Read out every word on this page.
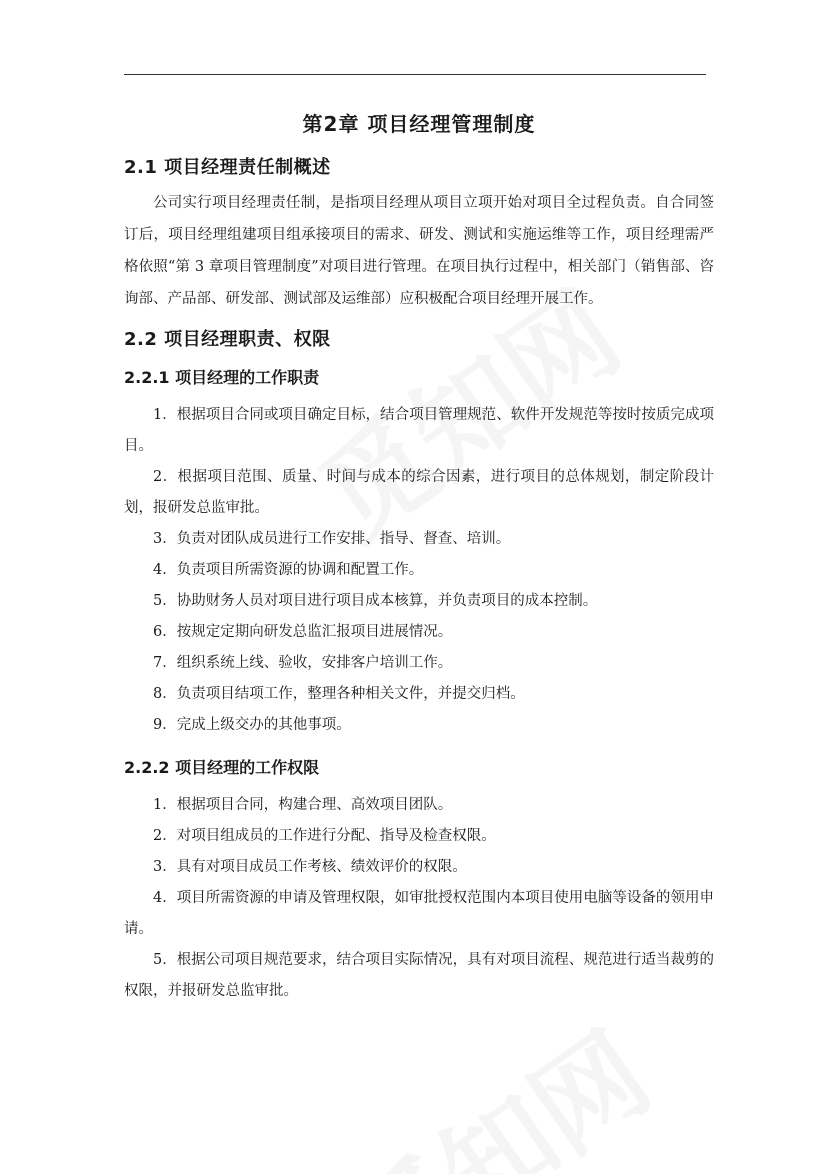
第2章 项目经理管理制度
2.1 项目经理责任制概述

公司实行项目经理责任制，是指项目经理从项目立项开始对项目全过程负责。自合同签订后，项目经理组建项目组承接项目的需求、研发、测试和实施运维等工作，项目经理需严格依照“第 3 章项目管理制度”对项目进行管理。在项目执行过程中，相关部门（销售部、咨询部、产品部、研发部、测试部及运维部）应积极配合项目经理开展工作。

2.2 项目经理职责、权限
2.2.1 项目经理的工作职责

1．根据项目合同或项目确定目标，结合项目管理规范、软件开发规范等按时按质完成项目。

2．根据项目范围、质量、时间与成本的综合因素，进行项目的总体规划，制定阶段计划，报研发总监审批。

3．负责对团队成员进行工作安排、指导、督查、培训。

4．负责项目所需资源的协调和配置工作。

5．协助财务人员对项目进行项目成本核算，并负责项目的成本控制。

6．按规定定期向研发总监汇报项目进展情况。

7．组织系统上线、验收，安排客户培训工作。

8．负责项目结项工作，整理各种相关文件，并提交归档。

9．完成上级交办的其他事项。

2.2.2 项目经理的工作权限

1．根据项目合同，构建合理、高效项目团队。

2．对项目组成员的工作进行分配、指导及检查权限。

3．具有对项目成员工作考核、绩效评价的权限。

4．项目所需资源的申请及管理权限，如审批授权范围内本项目使用电脑等设备的领用申请。

5．根据公司项目规范要求，结合项目实际情况，具有对项目流程、规范进行适当裁剪的权限，并报研发总监审批。
